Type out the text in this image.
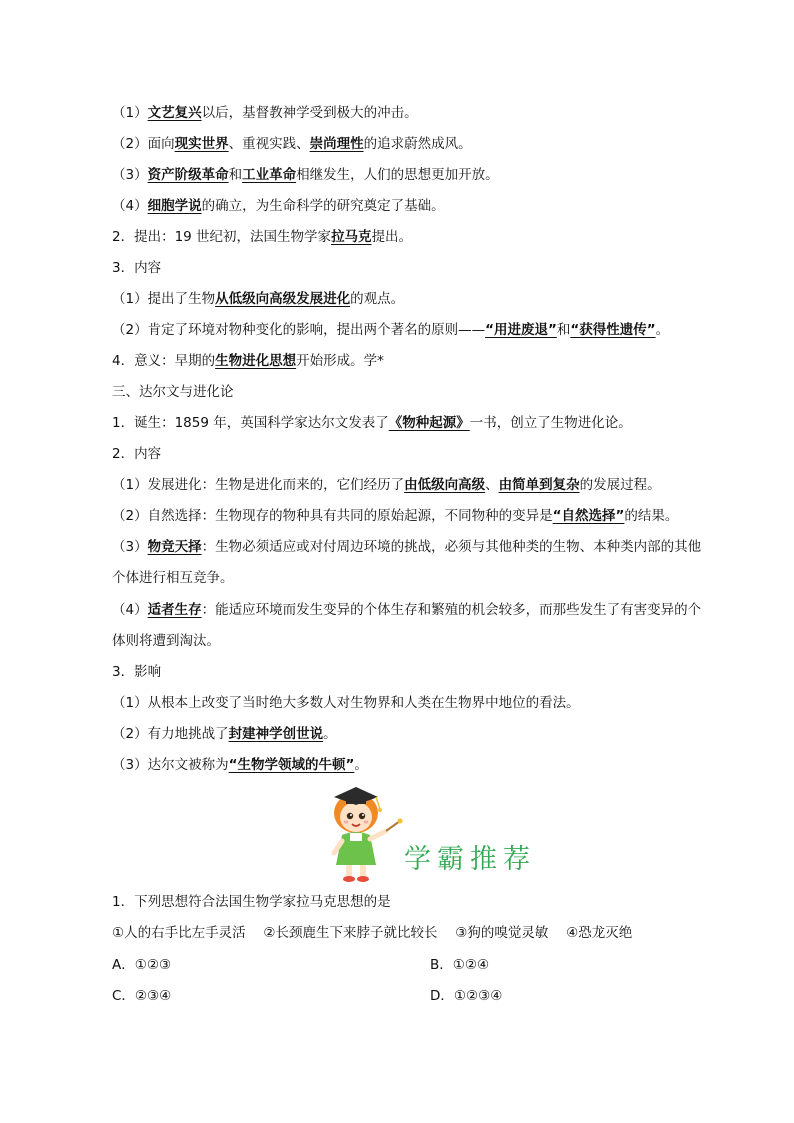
（1）文艺复兴以后，基督教神学受到极大的冲击。
（2）面向现实世界、重视实践、崇尚理性的追求蔚然成风。
（3）资产阶级革命和工业革命相继发生，人们的思想更加开放。
（4）细胞学说的确立，为生命科学的研究奠定了基础。
2．提出：19 世纪初，法国生物学家拉马克提出。
3．内容
（1）提出了生物从低级向高级发展进化的观点。
（2）肯定了环境对物种变化的影响，提出两个著名的原则——“用进废退”和“获得性遗传”。
4．意义：早期的生物进化思想开始形成。学*
三、达尔文与进化论
1．诞生：1859 年，英国科学家达尔文发表了《物种起源》一书，创立了生物进化论。
2．内容
（1）发展进化：生物是进化而来的，它们经历了由低级向高级、由简单到复杂的发展过程。
（2）自然选择：生物现存的物种具有共同的原始起源，不同物种的变异是“自然选择”的结果。
（3）物竞天择：生物必须适应或对付周边环境的挑战，必须与其他种类的生物、本种类内部的其他个体进行相互竞争。
（4）适者生存：能适应环境而发生变异的个体生存和繁殖的机会较多，而那些发生了有害变异的个体则将遭到淘汰。
3．影响
（1）从根本上改变了当时绝大多数人对生物界和人类在生物界中地位的看法。
（2）有力地挑战了封建神学创世说。
（3）达尔文被称为“生物学领域的牛顿”。
学霸推荐
1．下列思想符合法国生物学家拉马克思想的是
①人的右手比左手灵活　 ②长颈鹿生下来脖子就比较长　 ③狗的嗅觉灵敏　 ④恐龙灭绝
A．①②③	B．①②④
C．②③④	D．①②③④
